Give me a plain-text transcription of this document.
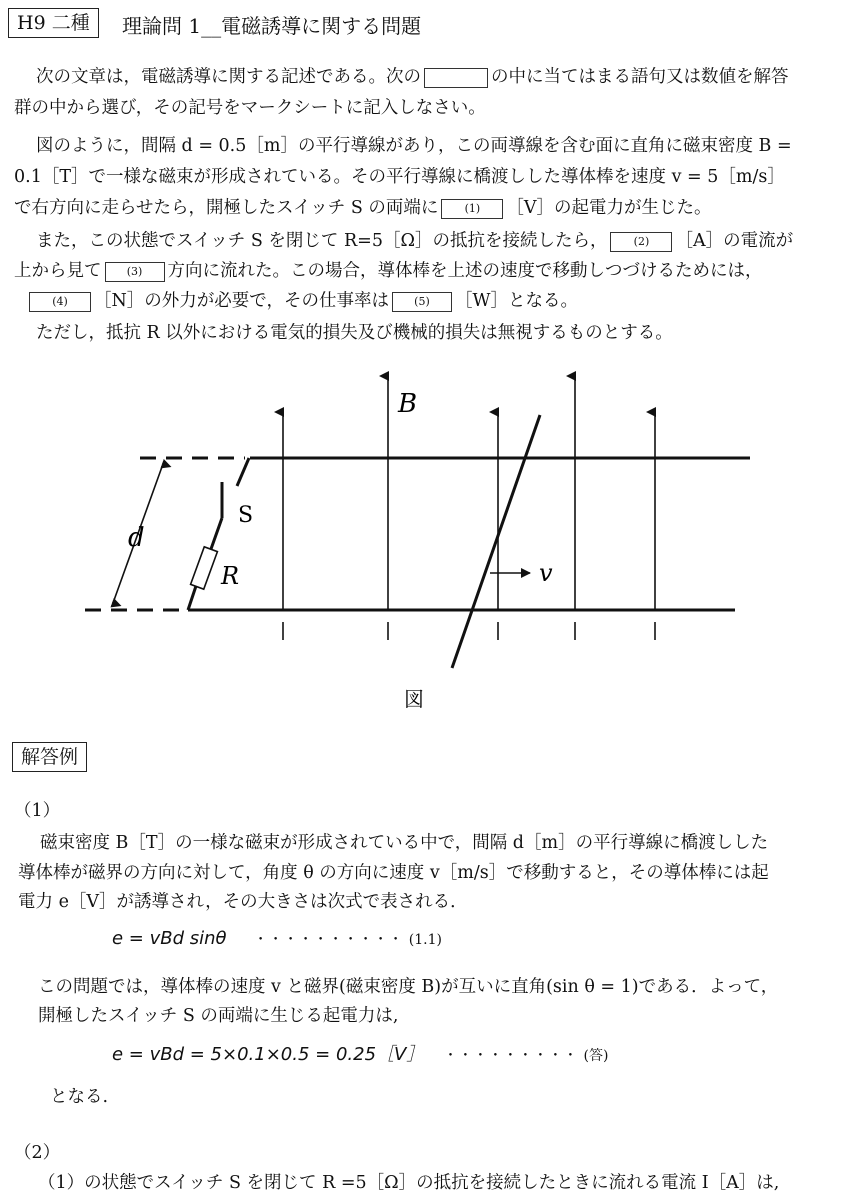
H9 二種	理論問 1__電磁誘導に関する問題
次の文章は，電磁誘導に関する記述である。次の	の中に当てはまる語句又は数値を解答
群の中から選び，その記号をマークシートに記入しなさい。
図のように，間隔 d = 0.5［m］の平行導線があり，この両導線を含む面に直角に磁束密度 B =
0.1［T］で一様な磁束が形成されている。その平行導線に橋渡しした導体棒を速度 v = 5［m/s］
で右方向に走らせたら，開極したスイッチ S の両端に (1) ［V］の起電力が生じた。
また，この状態でスイッチ S を閉じて R=5［Ω］の抵抗を接続したら， (2) ［A］の電流が
上から見て (3) 方向に流れた。この場合，導体棒を上述の速度で移動しつづけるためには，
(4) ［N］の外力が必要で，その仕事率は (5) ［W］となる。
ただし，抵抗 R 以外における電気的損失及び機械的損失は無視するものとする。
B
S
d
R	v
図
解答例
（1）
磁束密度 B［T］の一様な磁束が形成されている中で，間隔 d［m］の平行導線に橋渡しした
導体棒が磁界の方向に対して，角度 θ の方向に速度 v［m/s］で移動すると，その導体棒には起
電力 e［V］が誘導され，その大きさは次式で表される．
e = vBd sinθ ・・・・・・・・・・ (1.1)
この問題では，導体棒の速度 v と磁界(磁束密度 B)が互いに直角(sin θ = 1)である．よって，
開極したスイッチ S の両端に生じる起電力は,
e = vBd = 5×0.1×0.5 = 0.25［V］ ・・・・・・・・・ (答)
となる.
（2）
（1）の状態でスイッチ S を閉じて R =5［Ω］の抵抗を接続したときに流れる電流 I［A］は,
